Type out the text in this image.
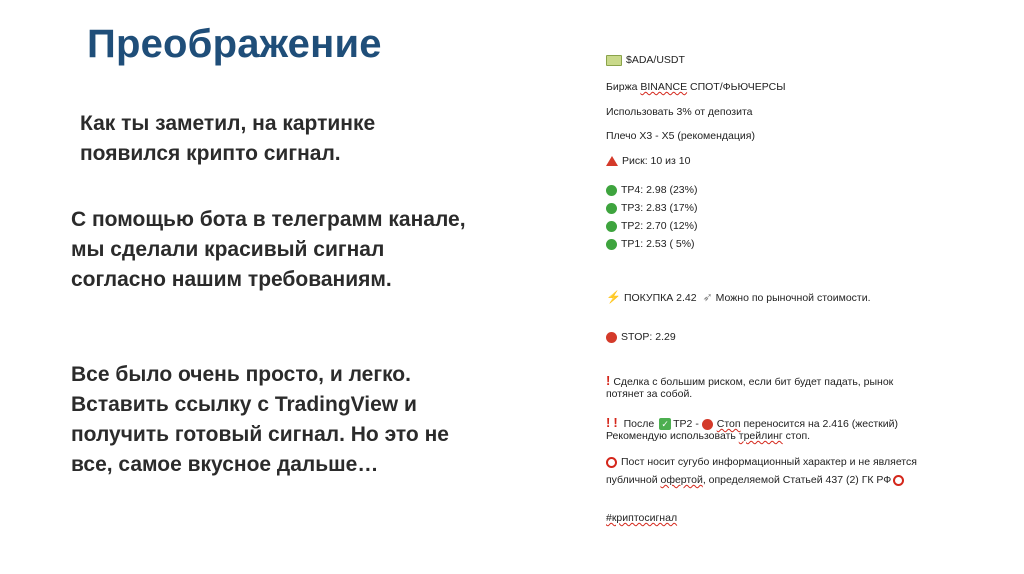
Преображение
Как ты заметил, на картинке
появился крипто сигнал.
С помощью бота в телеграмм канале,
мы сделали красивый сигнал
согласно нашим требованиям.
Все было очень просто, и легко.
Вставить ссылку с TradingView и
получить готовый сигнал. Но это не
все, самое вкусное дальше…
$ADA/USDT
Биржа BINANCE СПОТ/ФЬЮЧЕРСЫ
Использовать 3% от депозита
Плечо Х3 - Х5 (рекомендация)
Риск: 10 из 10
TP4: 2.98 (23%)
TP3: 2.83 (17%)
TP2: 2.70 (12%)
TP1: 2.53 ( 5%)
⚡ ПОКУПКА 2.42 ➶ Можно по рыночной стоимости.
STOP: 2.29
! Сделка с большим риском, если бит будет падать, рынок
потянет за собой.
! ! После ✓ TP2 - Стоп переносится на 2.416 (жесткий)
Рекомендую использовать трейлинг стоп.
Пост носит сугубо информационный характер и не является
публичной офертой, определяемой Статьей 437 (2) ГК РФ
#криптосигнал
